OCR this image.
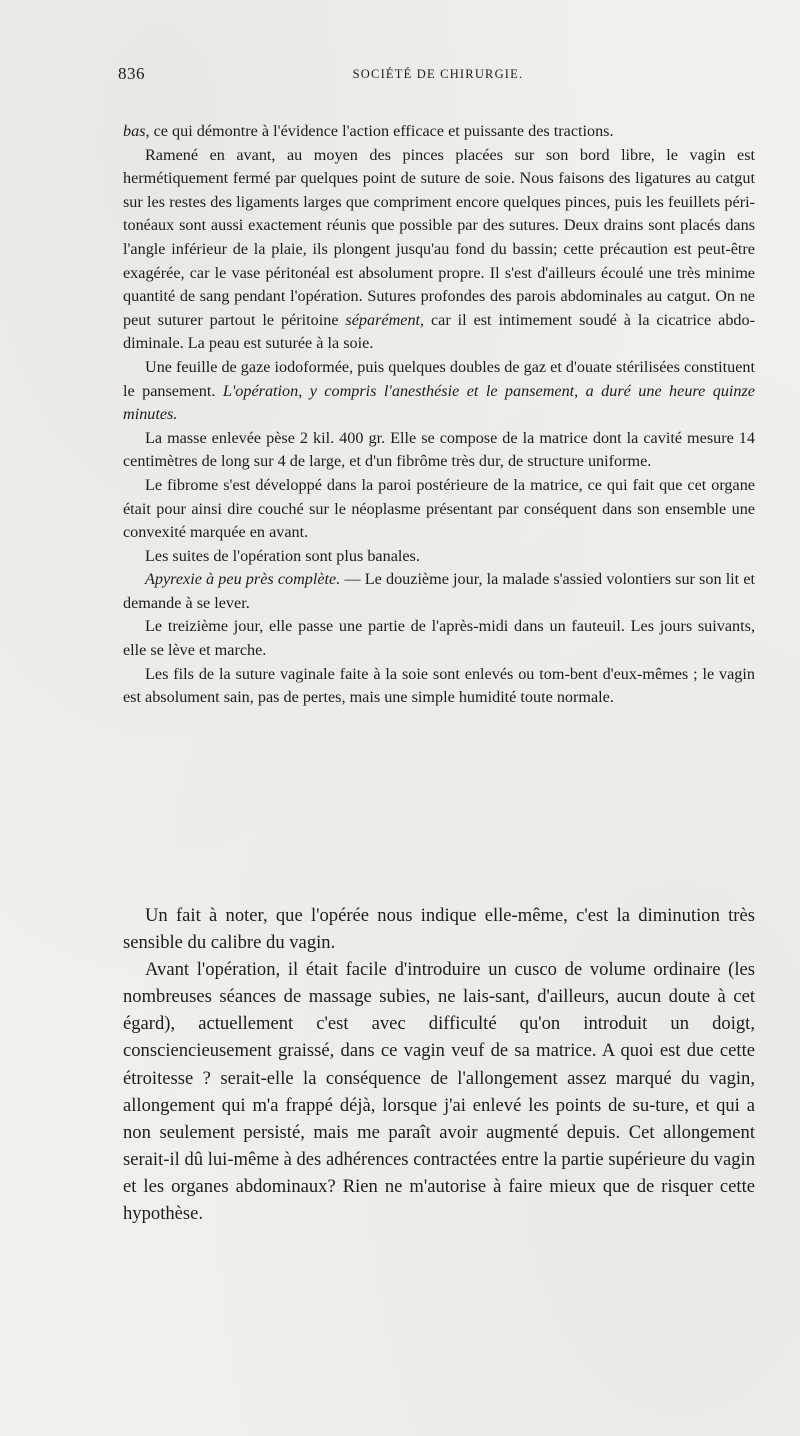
836	SOCIÉTÉ DE CHIRURGIE.

bas, ce qui démontre à l'évidence l'action efficace et puissante des tractions.

Ramené en avant, au moyen des pinces placées sur son bord libre, le vagin est hermétiquement fermé par quelques point de suture de soie. Nous faisons des ligatures au catgut sur les restes des ligaments larges que compriment encore quelques pinces, puis les feuillets péri-tonéaux sont aussi exactement réunis que possible par des sutures. Deux drains sont placés dans l'angle inférieur de la plaie, ils plongent jusqu'au fond du bassin; cette précaution est peut-être exagérée, car le vase péritonéal est absolument propre. Il s'est d'ailleurs écoulé une très minime quantité de sang pendant l'opération. Sutures profondes des parois abdominales au catgut. On ne peut suturer partout le péritoine séparément, car il est intimement soudé à la cicatrice abdo-diminale. La peau est suturée à la soie.

Une feuille de gaze iodoformée, puis quelques doubles de gaz et d'ouate stérilisées constituent le pansement. L'opération, y compris l'anesthésie et le pansement, a duré une heure quinze minutes.

La masse enlevée pèse 2 kil. 400 gr. Elle se compose de la matrice dont la cavité mesure 14 centimètres de long sur 4 de large, et d'un fibrôme très dur, de structure uniforme.

Le fibrome s'est développé dans la paroi postérieure de la matrice, ce qui fait que cet organe était pour ainsi dire couché sur le néoplasme présentant par conséquent dans son ensemble une convexité marquée en avant.

Les suites de l'opération sont plus banales.

Apyrexie à peu près complète. — Le douzième jour, la malade s'assied volontiers sur son lit et demande à se lever.

Le treizième jour, elle passe une partie de l'après-midi dans un fauteuil. Les jours suivants, elle se lève et marche.

Les fils de la suture vaginale faite à la soie sont enlevés ou tom-bent d'eux-mêmes ; le vagin est absolument sain, pas de pertes, mais une simple humidité toute normale.

Un fait à noter, que l'opérée nous indique elle-même, c'est la diminution très sensible du calibre du vagin.

Avant l'opération, il était facile d'introduire un cusco de volume ordinaire (les nombreuses séances de massage subies, ne lais-sant, d'ailleurs, aucun doute à cet égard), actuellement c'est avec difficulté qu'on introduit un doigt, consciencieusement graissé, dans ce vagin veuf de sa matrice. A quoi est due cette étroitesse ? serait-elle la conséquence de l'allongement assez marqué du vagin, allongement qui m'a frappé déjà, lorsque j'ai enlevé les points de su-ture, et qui a non seulement persisté, mais me paraît avoir augmenté depuis. Cet allongement serait-il dû lui-même à des adhérences contractées entre la partie supérieure du vagin et les organes abdominaux? Rien ne m'autorise à faire mieux que de risquer cette hypothèse.
